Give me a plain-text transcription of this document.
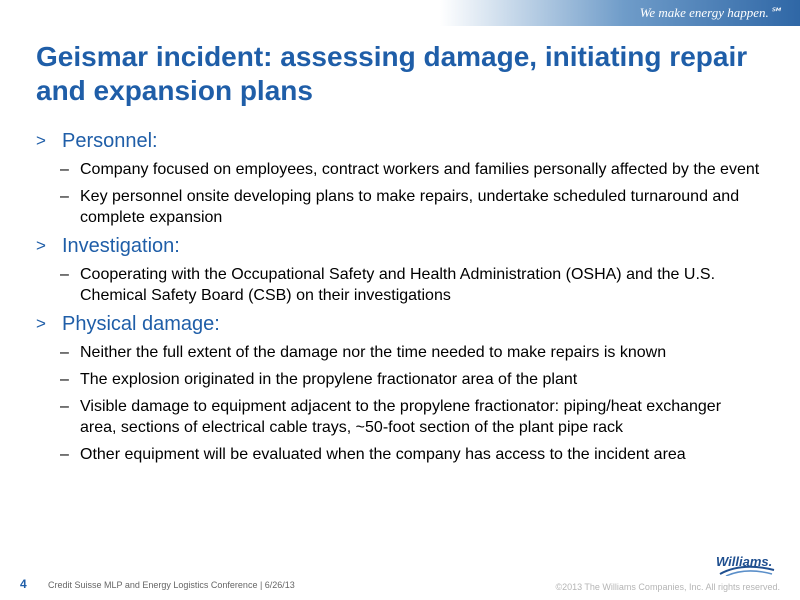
We make energy happen.℠
Geismar incident: assessing damage, initiating repair and expansion plans
> Personnel:
– Company focused on employees, contract workers and families personally affected by the event
– Key personnel onsite developing plans to make repairs, undertake scheduled turnaround and complete expansion
> Investigation:
– Cooperating with the Occupational Safety and Health Administration (OSHA) and the U.S. Chemical Safety Board (CSB) on their investigations
> Physical damage:
– Neither the full extent of the damage nor the time needed to make repairs is known
– The explosion originated in the propylene fractionator area of the plant
– Visible damage to equipment adjacent to the propylene fractionator: piping/heat exchanger area, sections of electrical cable trays, ~50-foot section of the plant pipe rack
– Other equipment will be evaluated when the company has access to the incident area
Williams.
4 Credit Suisse MLP and Energy Logistics Conference | 6/26/13	©2013 The Williams Companies, Inc. All rights reserved.
